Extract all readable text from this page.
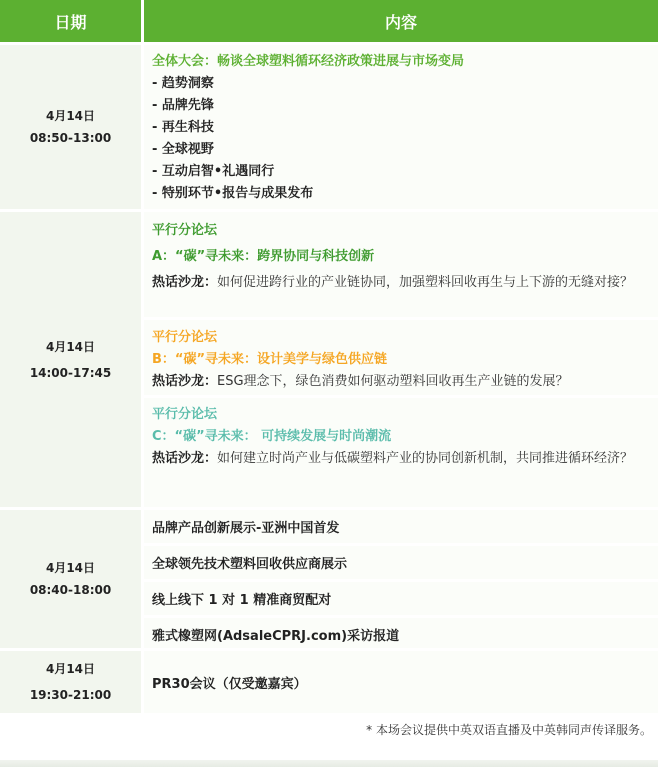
日期	内容
4月14日
08:50-13:00
全体大会：畅谈全球塑料循环经济政策进展与市场变局
- 趋势洞察
- 品牌先锋
- 再生科技
- 全球视野
- 互动启智•礼遇同行
- 特别环节•报告与成果发布
4月14日
14:00-17:45
平行分论坛
A：“碳”寻未来：跨界协同与科技创新
热话沙龙：如何促进跨行业的产业链协同，加强塑料回收再生与上下游的无缝对接？
平行分论坛
B：“碳”寻未来：设计美学与绿色供应链
热话沙龙：ESG理念下，绿色消费如何驱动塑料回收再生产业链的发展？
平行分论坛
C：“碳”寻未来： 可持续发展与时尚潮流
热话沙龙：如何建立时尚产业与低碳塑料产业的协同创新机制，共同推进循环经济？
4月14日
08:40-18:00
品牌产品创新展示-亚洲中国首发
全球领先技术塑料回收供应商展示
线上线下 1 对 1 精准商贸配对
雅式橡塑网(AdsaleCPRJ.com)采访报道
4月14日
19:30-21:00
PR30会议（仅受邀嘉宾）
* 本场会议提供中英双语直播及中英韩同声传译服务。
